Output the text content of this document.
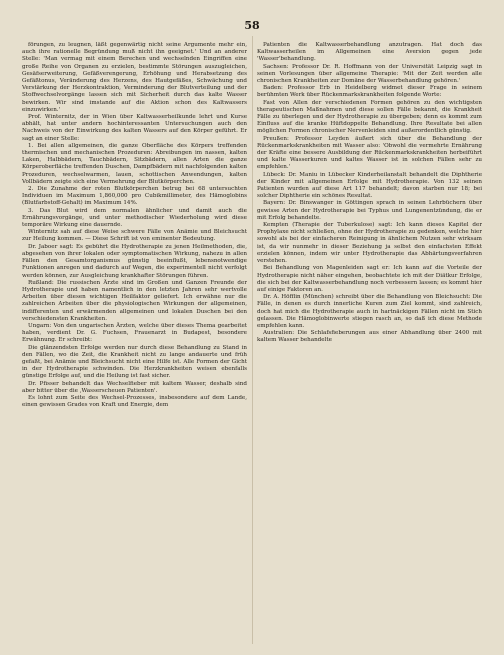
58

förungen, zu leugnen, läßt gegenwärtig nicht seine Argumente mehr ein, auch ihre rationelle Begründung muß nicht ihn geeignet.' Und an anderer Stelle: 'Man vermag mit einem Berechen und wechselnden Eingriffen eine große Reihe von Organen zu erzielen, bestimmte Störungen auszugleichen, Gesäfserweiterung, Gefäßverengerung, Erhöhung und Herabsetzung des Gefäßtonus, Veränderung des Herzens, des Hautgefäßes, Schwächung und Verstärkung der Herzkontraktion, Verminderung der Blutverteilung und der Stoffwechselvorgänge lassen sich mit Sicherheit durch das kalte Wasser bewirken. Wir sind imstande auf die Aktion schon des Kaltwassers einzuwirken.'

Prof. Winternitz, der in Wien über Kaltwasserheilkunde lehrt und Kurse abhält, hat unter andern hochinteressanten Untersuchungen auch den Nachweis von der Einwirkung des kalten Wassers auf den Körper geführt. Er sagt an einer Stelle:

1. Bei allen allgemeinen, die ganze Oberfläche des Körpers treffenden thermischen und mechanischen Prozeduren: Abreibungen im nassen, kalten Laken, Halbbädern, Tauchbädern, Sitzbädern, allen Arten die ganze Körperoberfläche treffenden Duschen, Dampfbädern mit nachfolgenden kalten Prozeduren, wechselwarmen, lauen, schottischen Anwendungen, kalten Vollbädern zeigte sich eine Vermehrung der Blutkörperchen.

2. Die Zunahme der roten Blutkörperchen betrug bei 68 untersuchten Individuen im Maximum 1,860,000 pro Cubikmillimeter, des Hämoglobins (Blutfarbstoff-Gehalt) im Maximum 14%.

3. Das Blut wird dem normalen ähnlicher und damit auch die Ernährungsvorgänge, und unter methodischer Wiederholung wird diese temporäre Wirkung eine dauernde.

Winternitz sah auf diese Weise schwere Fälle von Anämie und Bleichsucht zur Heilung kommen. — Diese Schrift ist von eminenter Bedeutung.

Dr. Jaboer sagt: Es gebührt die Hydrotherapie zu jenen Heilmethoden, die, abgesehen von ihrer lokalen oder symptomatischen Wirkung, nahezu in allen Fällen den Gesamtorganismus günstig beeinflußt, lebensnotwendige Funktionen anregen und dadurch auf Wegen, die experimentell nicht verfolgt werden können, zur Ausgleichung krankhafter Störungen führen.

Rußland: Die russischen Ärzte sind im Großen und Ganzen Freunde der Hydrotherapie und haben namentlich in den letzten Jahren sehr wertvolle Arbeiten über diesen wichtigen Heilfaktor geliefert. Ich erwähne nur die zahlreichen Arbeiten über die physiologischen Wirkungen der allgemeinen, indifferenten und erwärmenden allgemeinen und lokalen Duschen bei den verschiedensten Krankheiten.

Ungarn: Von den ungarischen Ärzten, welche über dieses Thema gearbeitet haben, verdient Dr. G. Fuchsen, Frauenarzt in Budapest, besondere Erwähnung. Er schreibt:

Die glänzendsten Erfolge werden nur durch diese Behandlung zu Stand in den Fällen, wo die Zeit, die Krankheit nicht zu lange andauerte und früh gefaßt, bei Anämie und Bleichsucht nicht eine Hilfe ist. Alle Formen der Gicht in der Hydrotherapie schwinden. Die Herzkrankheiten weisen ebenfalls günstige Erfolge auf, und die Heilung ist fast sicher.

Dr. Pfisser behandelt das Wechselfieber mit kaltem Wasser, deshalb sind aber bitter über die ‚Wasserscheuen Patienten'.

Es lohnt zum Seite des Wechsel-Prozesses, insbesondere auf dem Lande, einen gewissen Grades von Kraft und Energie, dem

Patienten die Kaltwasserbehandlung anzutragen. Hat doch das Kaltwasserheilen im Allgemeinen eine Aversion gegen jede 'Wasser'behandlung.

Sachsen: Professor Dr. R. Hoffmann von der Universität Leipzig sagt in seinen Vorlesungen über allgemeine Therapie: 'Mit der Zeit werden alle chronischen Krankheiten zur Domäne der Wasserbehandlung gehören.'

Baden: Professor Erb in Heidelberg widmet dieser Frage in seinem berühmten Werk über Rückenmarkskrankheiten folgende Worte:

Fast von Allen der verschiedenen Formen gehören zu den wichtigsten therapeutischen Maßnahmen und diese sollen Fälle bekannt, die Krankheit Fälle zu überlegen und der Hydrotherapie zu übergeben; denn es kommt zum Einfluss auf die kranke Hüftdoppelte Behandlung. Ihre Resultate bei allen möglichen Formen chronischer Nervenleiden sind außerordentlich günstig.

Preußen: Professor Leyden äußert sich über die Behandlung der Rückenmarkskrankheiten mit Wasser also: 'Obwohl die vermehrte Ernährung der Kräfte eine bessere Ausbildung der Rückenmarkskrankheiten herbeiführt und kalte Wasserkuren und kaltes Wasser ist in solchen Fällen sehr zu empfehlen.'

Lübeck: Dr. Maniu in Lübecker Kinderheilanstalt behandelt die Diphtherie der Kinder mit allgemeinen Erfolge mit Hydrotherapie. Von 132 seinen Patienten wurden auf diese Art 117 behandelt; davon starben nur 18; bei solcher Diphtherie ein schönes Resultat.

Bayern: Dr. Binswanger in Göttingen sprach in seinen Lehrbüchern über gewisse Arten der Hydrotherapie bei Typhus und Lungenentzündung, die er mit Erfolg behandelte.

Kempten (Therapie der Tuberkulose) sagt: Ich kann dieses Kapitel der Prophylaxe nicht schließen, ohne der Hydrotherapie zu gedenken, welche hier sowohl als bei der einfacheren Reinigung in ähnlichem Nutzen sehr wirksam ist, da wir nunmehr in dieser Beziehung ja selbst den einfachsten Effekt erzielen können, indem wir unter Hydrotherapie das Abhärtungsverfahren verstehen.

Bei Behandlung von Magenleiden sagt er: Ich kann auf die Vorteile der Hydrotherapie nicht näher eingehen, beobachtete ich mit der Diätkur Erfolge, die sich bei der Kaltwasserbehandlung noch verbessern lassen; es kommt hier auf einige Faktoren an.

Dr. A. Höfflin (München) schreibt über die Behandlung von Bleichsucht: Die Fälle, in denen es durch innerliche Kuren zum Ziel kommt, sind zahlreich, doch hat mich die Hydrotherapie auch in hartnäckigen Fällen nicht im Stich gelassen. Die Hämoglobinwerte stiegen rasch an, so daß ich diese Methode empfehlen kann.

Australien: Die Schlafsfieberungen aus einer Abhandlung über 2400 mit kaltem Wasser behandelte
